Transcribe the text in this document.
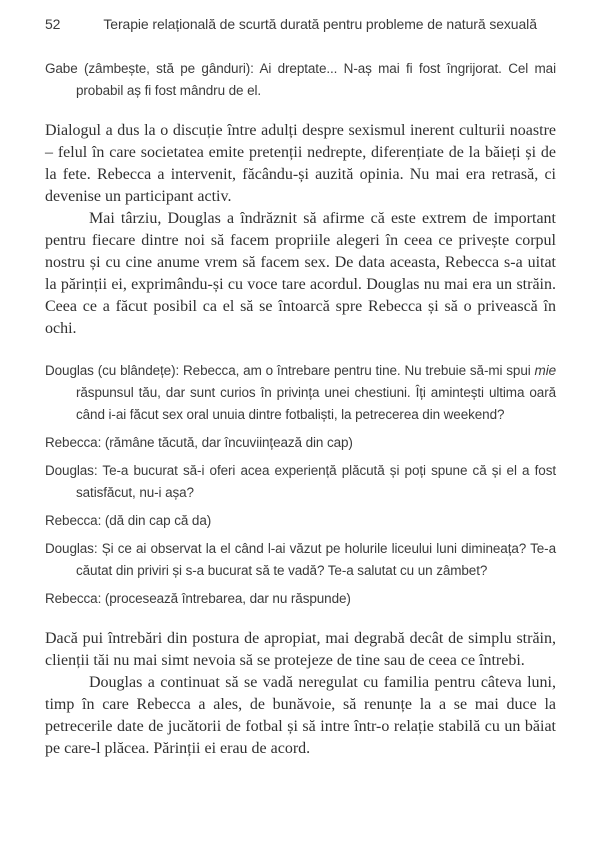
52	Terapie relațională de scurtă durată pentru probleme de natură sexuală

Gabe (zâmbește, stă pe gânduri): Ai dreptate... N-aș mai fi fost îngrijorat. Cel mai probabil aș fi fost mândru de el.

Dialogul a dus la o discuție între adulți despre sexismul inerent culturii noastre – felul în care societatea emite pretenții nedrepte, diferențiate de la băieți și de la fete. Rebecca a intervenit, făcându-și auzită opinia. Nu mai era retrasă, ci devenise un participant activ.

Mai târziu, Douglas a îndrăznit să afirme că este extrem de important pentru fiecare dintre noi să facem propriile alegeri în ceea ce privește corpul nostru și cu cine anume vrem să facem sex. De data aceasta, Rebecca s-a uitat la părinții ei, exprimându-și cu voce tare acordul. Douglas nu mai era un străin. Ceea ce a făcut posibil ca el să se întoarcă spre Rebecca și să o privească în ochi.

Douglas (cu blândețe): Rebecca, am o întrebare pentru tine. Nu trebuie să-mi spui mie răspunsul tău, dar sunt curios în privința unei chestiuni. Îți amintești ultima oară când i-ai făcut sex oral unuia dintre fotbaliști, la petrecerea din weekend?

Rebecca: (rămâne tăcută, dar încuviințează din cap)

Douglas: Te-a bucurat să-i oferi acea experiență plăcută și poți spune că și el a fost satisfăcut, nu-i așa?

Rebecca: (dă din cap că da)

Douglas: Și ce ai observat la el când l-ai văzut pe holurile liceului luni dimineața? Te-a căutat din priviri și s-a bucurat să te vadă? Te-a salutat cu un zâmbet?

Rebecca: (procesează întrebarea, dar nu răspunde)

Dacă pui întrebări din postura de apropiat, mai degrabă decât de simplu străin, clienții tăi nu mai simt nevoia să se protejeze de tine sau de ceea ce întrebi.

Douglas a continuat să se vadă neregulat cu familia pentru câteva luni, timp în care Rebecca a ales, de bunăvoie, să renunțe la a se mai duce la petrecerile date de jucătorii de fotbal și să intre într-o relație stabilă cu un băiat pe care-l plăcea. Părinții ei erau de acord.
